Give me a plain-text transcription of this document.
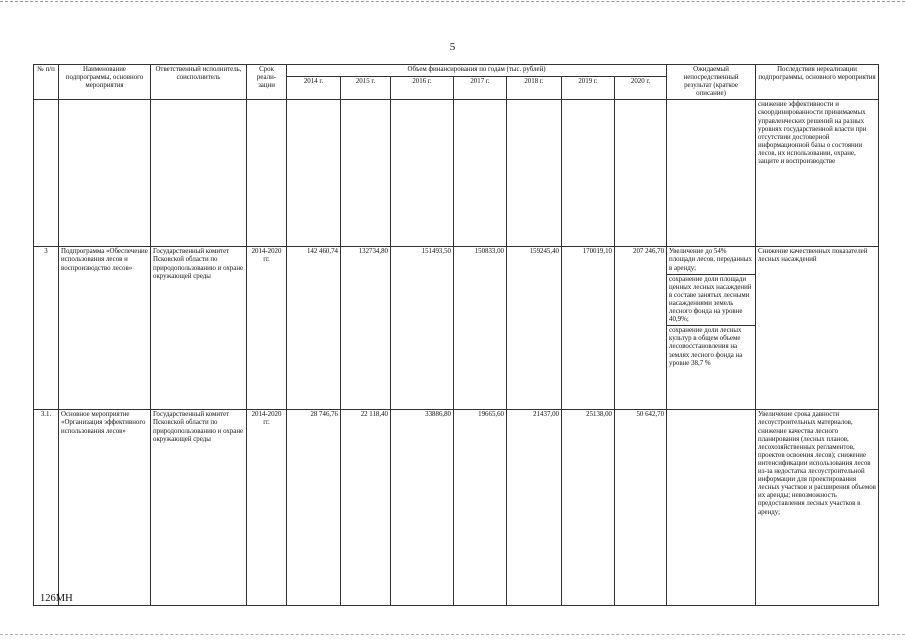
5
№ п/п	Наименование подпрограммы, основного мероприятия	Ответственный исполнитель, соисполнитель	Срок реали-зации	Объем финансирования по годам (тыс. рублей)							Ожидаемый непосредственный результат (краткое описание)	Последствия нереализации подпрограммы, основного мероприятия
				2014 г.	2015 г.	2016 г.	2017 г.	2018 г.	2019 г.	2020 г.		
												снижение эффективности и скоординированности принимаемых управленческих решений на разных уровнях государственной власти при отсутствии достоверной информационной базы о состоянии лесов, их использовании, охране, защите и воспроизводстве
3	Подпрограмма «Обеспечение использования лесов и воспроизводство лесов»	Государственный комитет Псковской области по природопользованию и охране окружающей среды	2014-2020 гг.	142 460,74	132734,80	151493,50	150833,00	159245,40	170019,10	207 246,70	Увеличение до 54% площади лесов, переданных в аренду;
сохранение доли площади ценных лесных насаждений в составе занятых лесными насаждениями земель лесного фонда на уровне 40,9%;
сохранение доли лесных культур в общем объеме лесовосстановления на землях лесного фонда на уровне 38,7 %	Снижение качественных показателей лесных насаждений
3.1.	Основное мероприятие «Организация эффективного использования лесов»	Государственный комитет Псковской области по природопользованию и охране окружающей среды	2014-2020 гг.	28 746,76	22 118,40	33886,80	19665,60	21437,00	25138,00	50 642,70		Увеличение срока давности лесоустроительных материалов, снижение качества лесного планирования (лесных планов, лесохозяйственных регламентов, проектов освоения лесов); снижение интенсификации использования лесов из-за недостатка лесоустроительной информации для проектирования лесных участков и расширения объемов их аренды; невозможность предоставления лесных участков в аренду;
126МН
